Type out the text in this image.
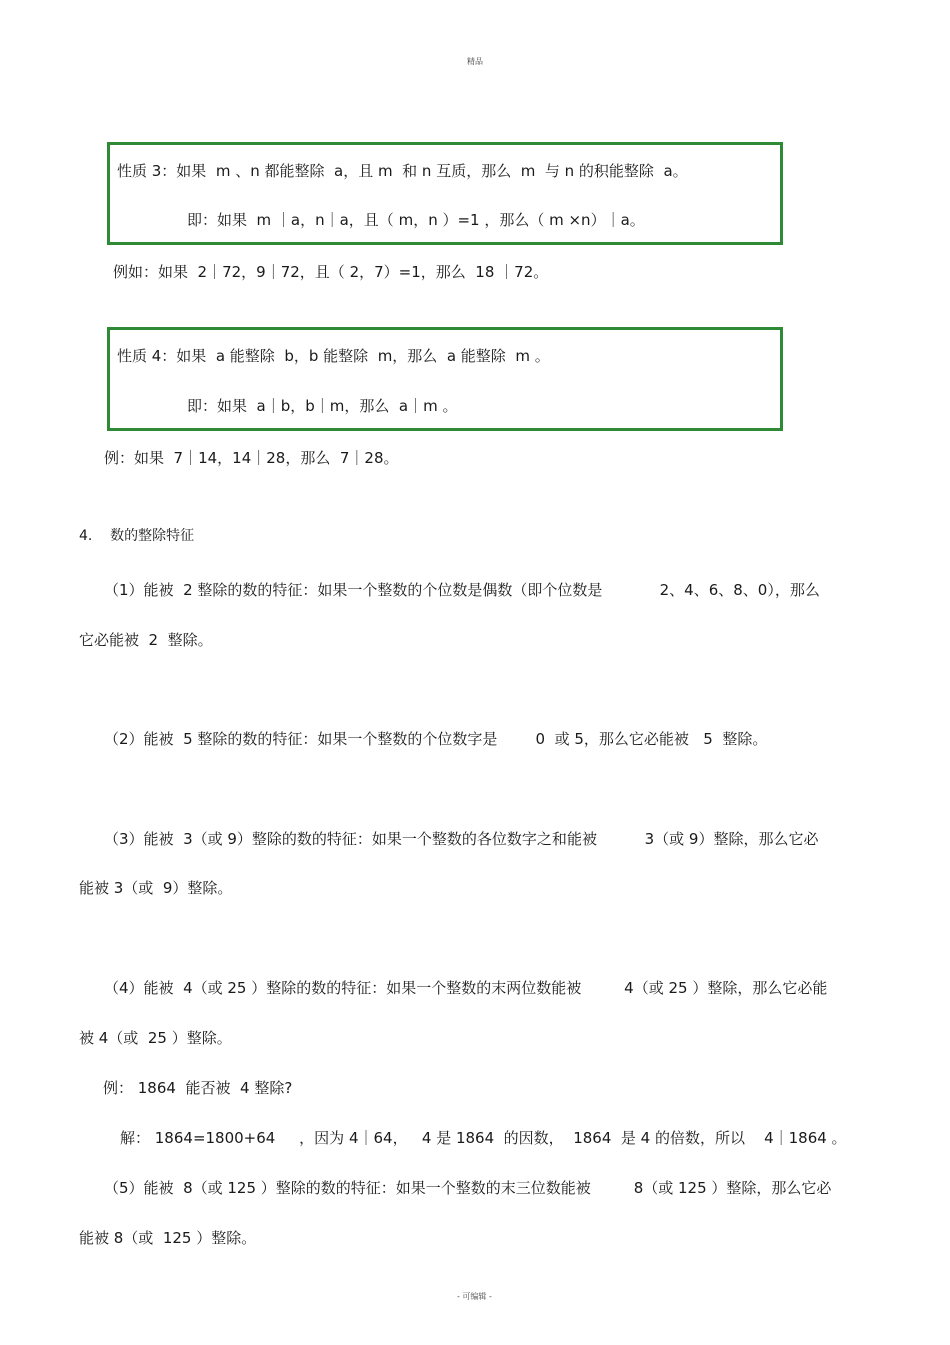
精品
性质 3：如果  m 、n 都能整除  a，且 m  和 n 互质，那么  m  与 n 的积能整除  a。
即：如果  m ｜a，n｜a，且（ m，n ）=1 ，那么（ m ×n）｜a。
例如：如果  2｜72，9｜72，且（ 2，7）=1，那么  18 ｜72。
性质 4：如果  a 能整除  b，b 能整除  m，那么  a 能整除  m 。
即：如果  a｜b，b｜m，那么  a｜m 。
例：如果  7｜14，14｜28，那么  7｜28。
4.    数的整除特征
（1）能被  2 整除的数的特征：如果一个整数的个位数是偶数（即个位数是            2、4、6、8、0），那么
它必能被  2  整除。
（2）能被  5 整除的数的特征：如果一个整数的个位数字是        0  或 5，那么它必能被   5  整除。
（3）能被  3（或 9）整除的数的特征：如果一个整数的各位数字之和能被          3（或 9）整除，那么它必
能被 3（或  9）整除。
（4）能被  4（或 25 ）整除的数的特征：如果一个整数的末两位数能被         4（或 25 ）整除，那么它必能
被 4（或  25 ）整除。
例： 1864  能否被  4 整除?
解： 1864=1800+64     ，因为 4｜64，   4 是 1864  的因数，  1864  是 4 的倍数，所以    4｜1864 。
（5）能被  8（或 125 ）整除的数的特征：如果一个整数的末三位数能被         8（或 125 ）整除，那么它必
能被 8（或  125 ）整除。
- 可编辑 -
